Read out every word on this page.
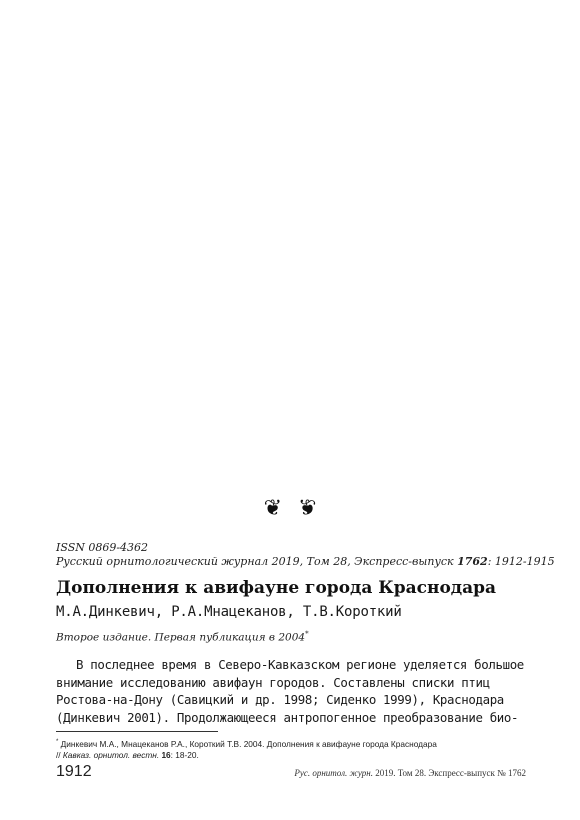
❦ ❦
ISSN 0869-4362
Русский орнитологический журнал 2019, Том 28, Экспресс-выпуск 1762: 1912-1915
Дополнения к авифауне города Краснодара
М.А.Динкевич, Р.А.Мнацеканов, Т.В.Короткий
Второе издание. Первая публикация в 2004*
В последнее время в Северо-Кавказском регионе уделяется большое
внимание исследованию авифаун городов. Составлены списки птиц
Ростова-на-Дону (Савицкий и др. 1998; Сиденко 1999), Краснодара
(Динкевич 2001). Продолжающееся антропогенное преобразование био-
* Динкевич М.А., Мнацеканов Р.А., Короткий Т.В. 2004. Дополнения к авифауне города Краснодара
// Кавказ. орнитол. вестн. 16: 18-20.
1912	Рус. орнитол. журн. 2019. Том 28. Экспресс-выпуск № 1762
